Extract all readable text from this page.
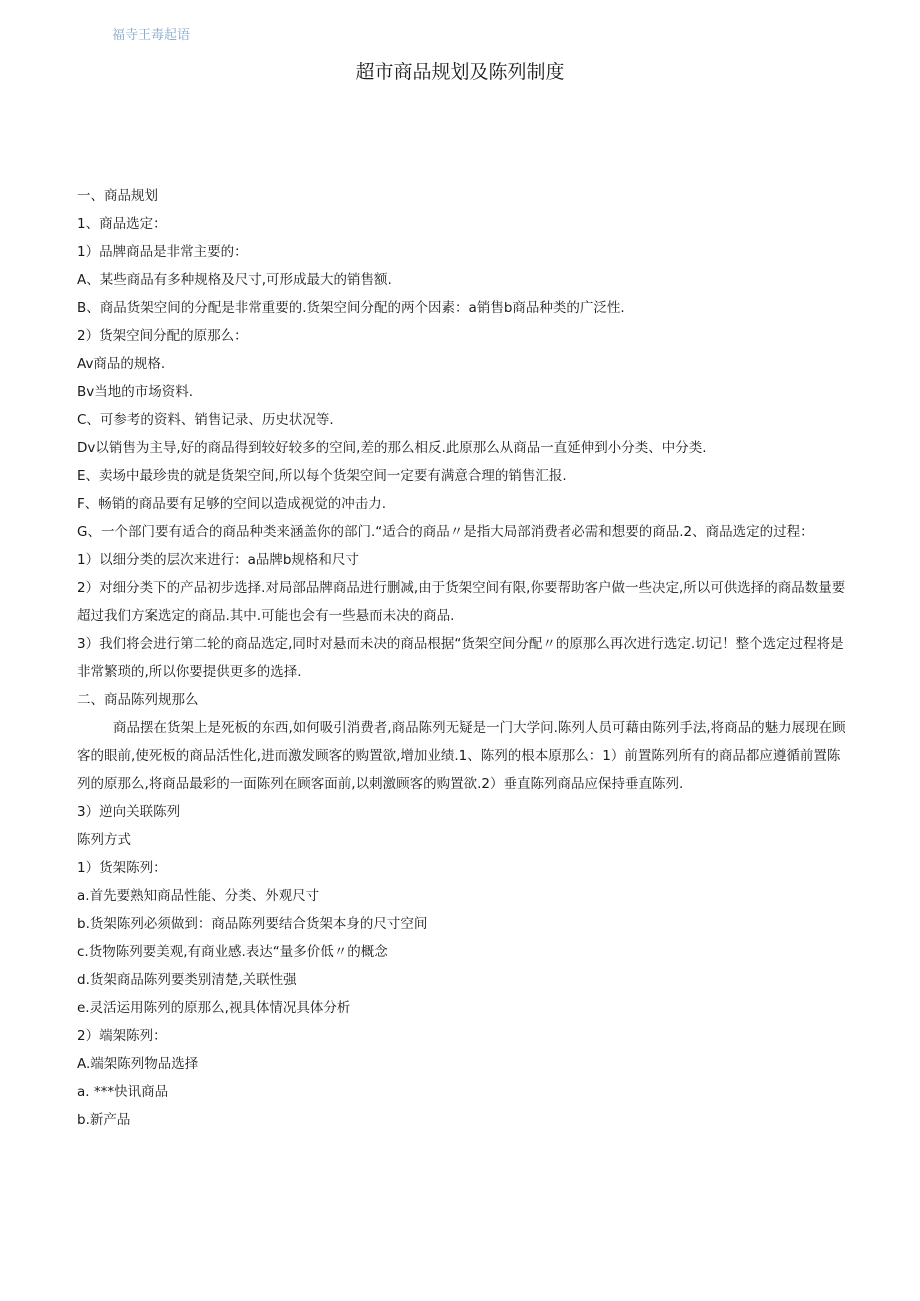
福寺王毒起语
超市商品规划及陈列制度

一、商品规划

1、商品选定：

1）品牌商品是非常主要的：

A、某些商品有多种规格及尺寸,可形成最大的销售额.

B、商品货架空间的分配是非常重要的.货架空间分配的两个因素：a销售b商品种类的广泛性.

2）货架空间分配的原那么：

Av商品的规格.

Bv当地的市场资料.

C、可参考的资料、销售记录、历史状况等.

Dv以销售为主导,好的商品得到较好较多的空间,差的那么相反.此原那么从商品一直延伸到小分类、中分类.

E、卖场中最珍贵的就是货架空间,所以每个货架空间一定要有满意合理的销售汇报.

F、畅销的商品要有足够的空间以造成视觉的冲击力.

G、一个部门要有适合的商品种类来涵盖你的部门.“适合的商品〃是指大局部消费者必需和想要的商品.2、商品选定的过程：

1）以细分类的层次来进行：a品牌b规格和尺寸

2）对细分类下的产品初步选择.对局部品牌商品进行删减,由于货架空间有限,你要帮助客户做一些决定,所以可供选择的商品数量要超过我们方案选定的商品.其中.可能也会有一些悬而未决的商品.

3）我们将会进行第二轮的商品选定,同时对悬而未决的商品根据“货架空间分配〃的原那么再次进行选定.切记！整个选定过程将是非常繁琐的,所以你要提供更多的选择.

二、商品陈列规那么

商品摆在货架上是死板的东西,如何吸引消费者,商品陈列无疑是一门大学问.陈列人员可藉由陈列手法,将商品的魅力展现在顾客的眼前,使死板的商品活性化,进而激发顾客的购置欲,增加业绩.1、陈列的根本原那么：1）前置陈列所有的商品都应遵循前置陈列的原那么,将商品最彩的一面陈列在顾客面前,以刺激顾客的购置欲.2）垂直陈列商品应保持垂直陈列.

3）逆向关联陈列

陈列方式

1）货架陈列：

a.首先要熟知商品性能、分类、外观尺寸

b.货架陈列必须做到：商品陈列要结合货架本身的尺寸空间

c.货物陈列要美观,有商业感.表达“量多价低〃的概念

d.货架商品陈列要类别清楚,关联性强

e.灵活运用陈列的原那么,视具体情况具体分析

2）端架陈列：

A.端架陈列物品选择

a. ***快讯商品

b.新产品
